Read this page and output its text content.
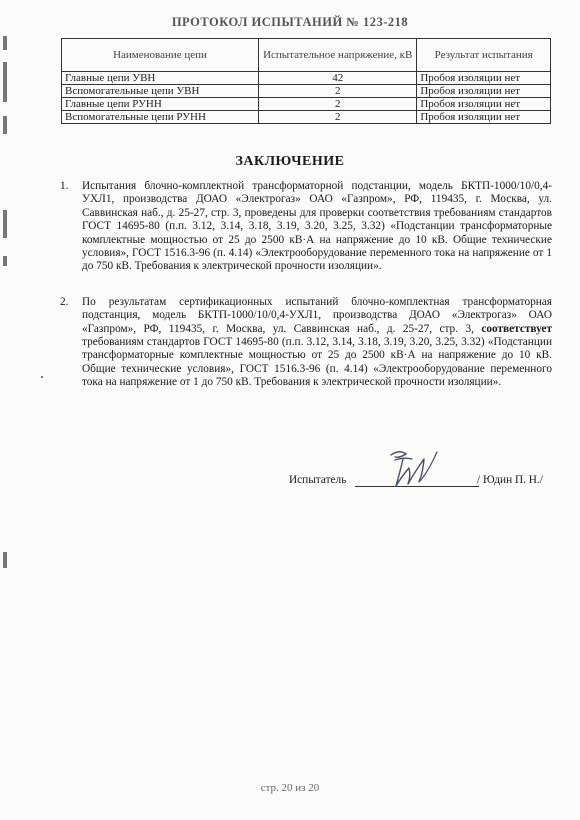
ПРОТОКОЛ ИСПЫТАНИЙ № 123-218
Наименование цепи	Испытательное напряжение, кВ	Результат испытания
Главные цепи УВН	42	Пробоя изоляции нет
Вспомогательные цепи УВН	2	Пробоя изоляции нет
Главные цепи РУНН	2	Пробоя изоляции нет
Вспомогательные цепи РУНН	2	Пробоя изоляции нет
ЗАКЛЮЧЕНИЕ
1. Испытания блочно-комплектной трансформаторной подстанции, модель БКТП-1000/10/0,4-УХЛ1, производства ДОАО «Электрогаз» ОАО «Газпром», РФ, 119435, г. Москва, ул. Саввинская наб., д. 25-27, стр. 3, проведены для проверки соответствия требованиям стандартов ГОСТ 14695-80 (п.п. 3.12, 3.14, 3.18, 3.19, 3.20, 3.25, 3.32) «Подстанции трансформаторные комплектные мощностью от 25 до 2500 кВ·А на напряжение до 10 кВ. Общие технические условия», ГОСТ 1516.3-96 (п. 4.14) «Электрооборудование переменного тока на напряжение от 1 до 750 кВ. Требования к электрической прочности изоляции».
2. По результатам сертификационных испытаний блочно-комплектная трансформаторная подстанция, модель БКТП-1000/10/0,4-УХЛ1, производства ДОАО «Электрогаз» ОАО «Газпром», РФ, 119435, г. Москва, ул. Саввинская наб., д. 25-27, стр. 3, соответствует требованиям стандартов ГОСТ 14695-80 (п.п. 3.12, 3.14, 3.18, 3.19, 3.20, 3.25, 3.32) «Подстанции трансформаторные комплектные мощностью от 25 до 2500 кВ·А на напряжение до 10 кВ. Общие технические условия», ГОСТ 1516.3-96 (п. 4.14) «Электрооборудование переменного тока на напряжение от 1 до 750 кВ. Требования к электрической прочности изоляции».
Испытатель	/ Юдин П. Н./
стр. 20 из 20
